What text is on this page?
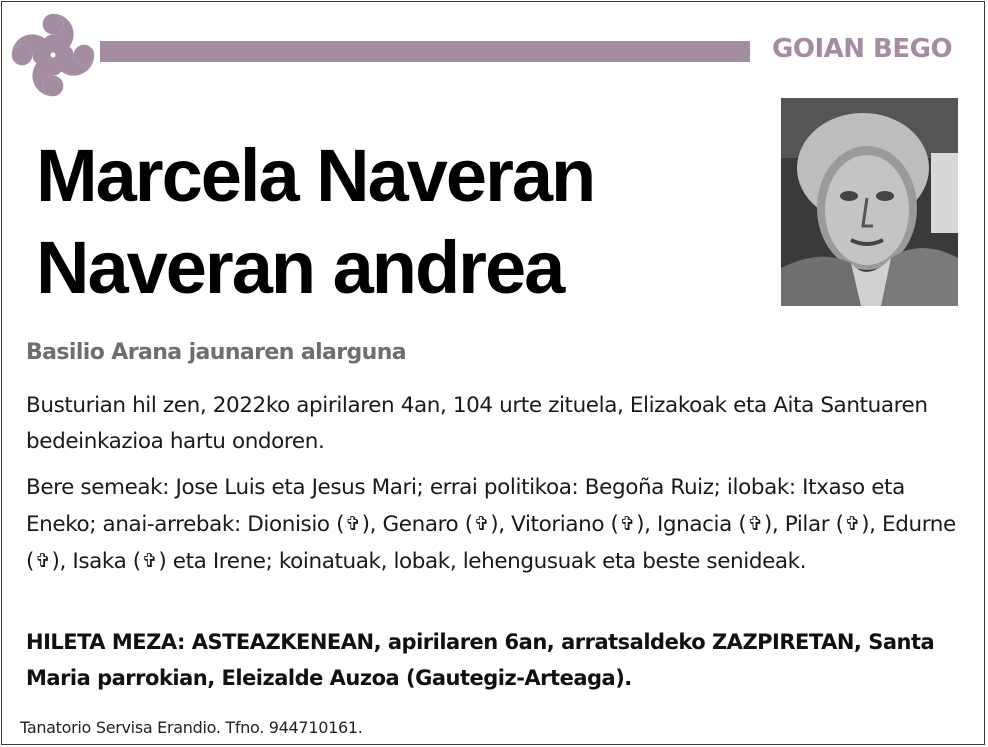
GOIAN BEGO
Marcela Naveran
Naveran andrea
Basilio Arana jaunaren alarguna
Busturian hil zen, 2022ko apirilaren 4an, 104 urte zituela, Elizakoak eta Aita Santuaren bedeinkazioa hartu ondoren.
Bere semeak: Jose Luis eta Jesus Mari; errai politikoa: Begoña Ruiz; ilobak: Itxaso eta Eneko; anai-arrebak: Dionisio (✞), Genaro (✞), Vitoriano (✞), Ignacia (✞), Pilar (✞), Edurne (✞), Isaka (✞) eta Irene; koinatuak, lobak, lehengusuak eta beste senideak.
HILETA MEZA: ASTEAZKENEAN, apirilaren 6an, arratsaldeko ZAZPIRETAN, Santa Maria parrokian, Eleizalde Auzoa (Gautegiz-Arteaga).
Tanatorio Servisa Erandio. Tfno. 944710161.
